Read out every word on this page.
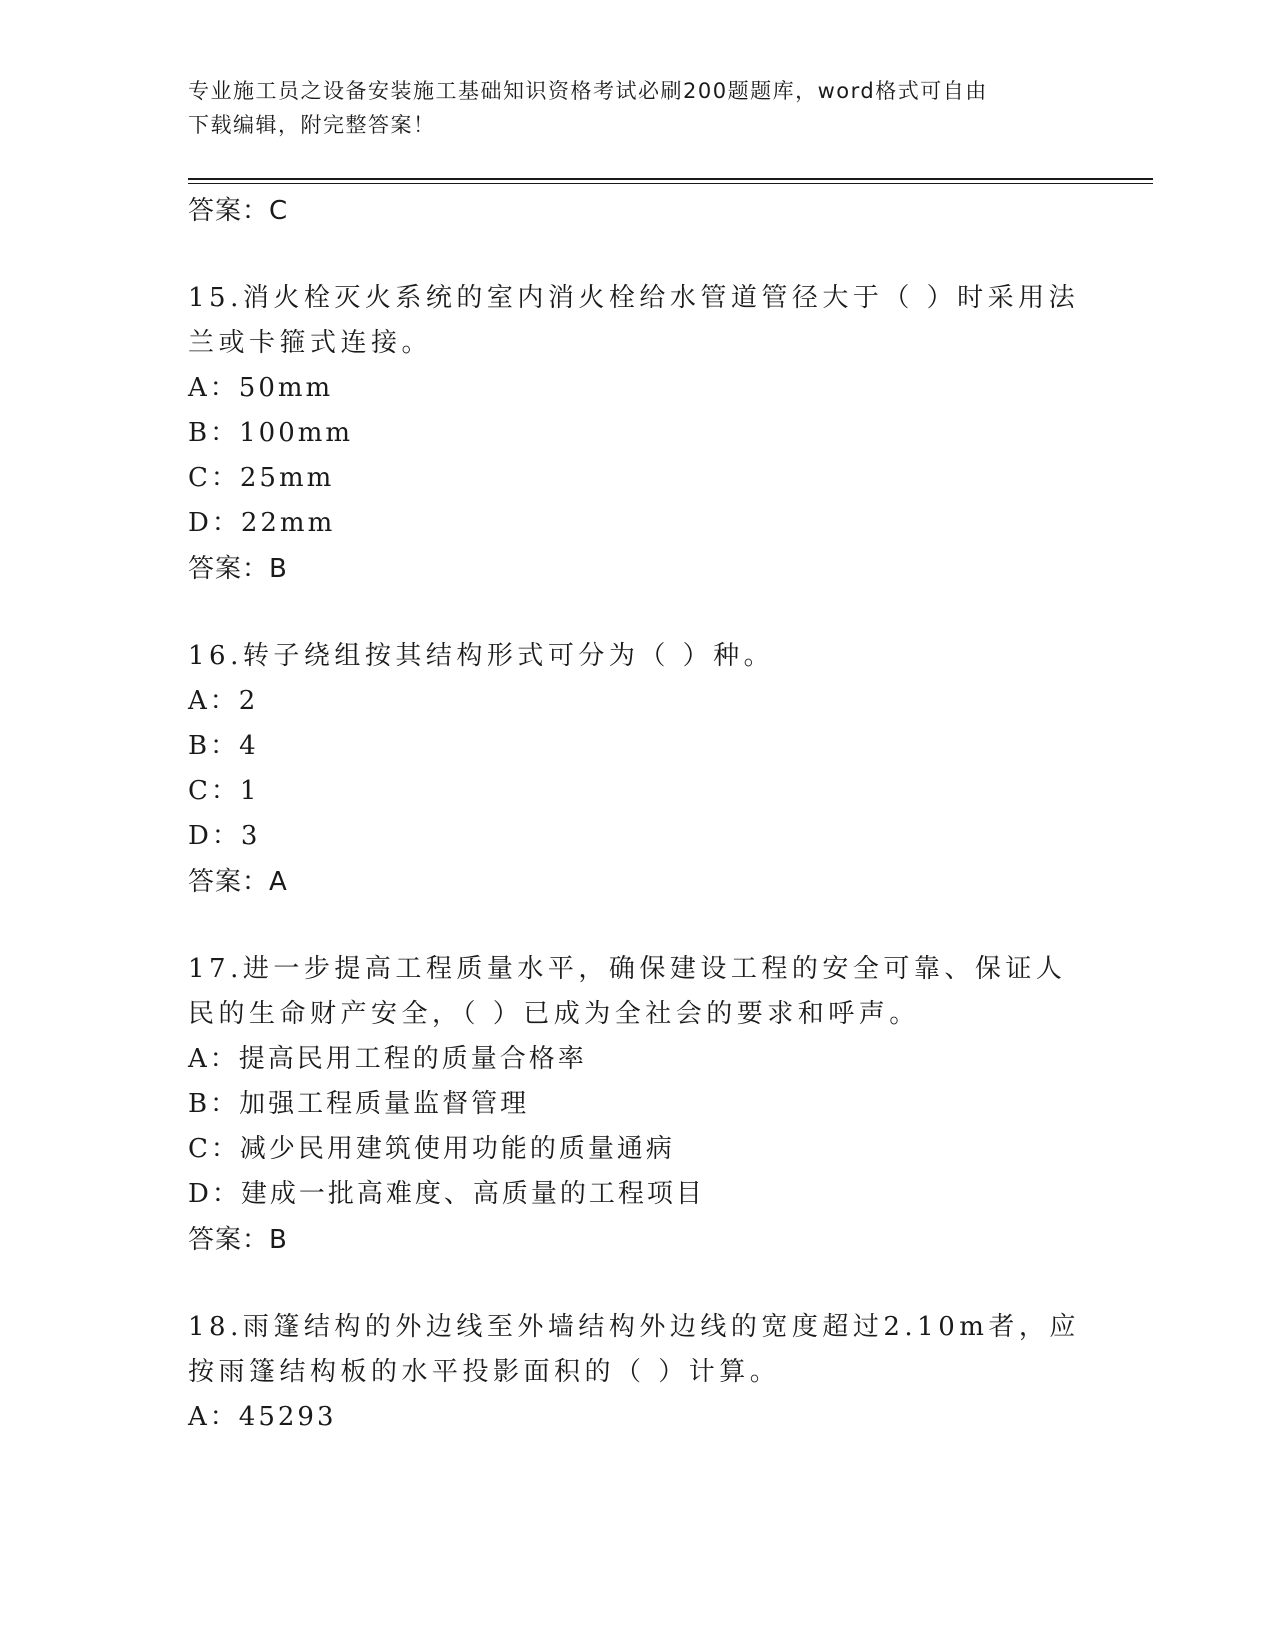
专业施工员之设备安装施工基础知识资格考试必刷200题题库，word格式可自由
下载编辑，附完整答案！
答案：C
15.消火栓灭火系统的室内消火栓给水管道管径大于（ ）时采用法兰或卡箍式连接。
A：50mm
B：100mm
C：25mm
D：22mm
答案：B
16.转子绕组按其结构形式可分为（ ）种。
A：2
B：4
C：1
D：3
答案：A
17.进一步提高工程质量水平，确保建设工程的安全可靠、保证人民的生命财产安全，（ ）已成为全社会的要求和呼声。
A：提高民用工程的质量合格率
B：加强工程质量监督管理
C：减少民用建筑使用功能的质量通病
D：建成一批高难度、高质量的工程项目
答案：B
18.雨篷结构的外边线至外墙结构外边线的宽度超过2.10m者，应按雨篷结构板的水平投影面积的（ ）计算。
A：45293
